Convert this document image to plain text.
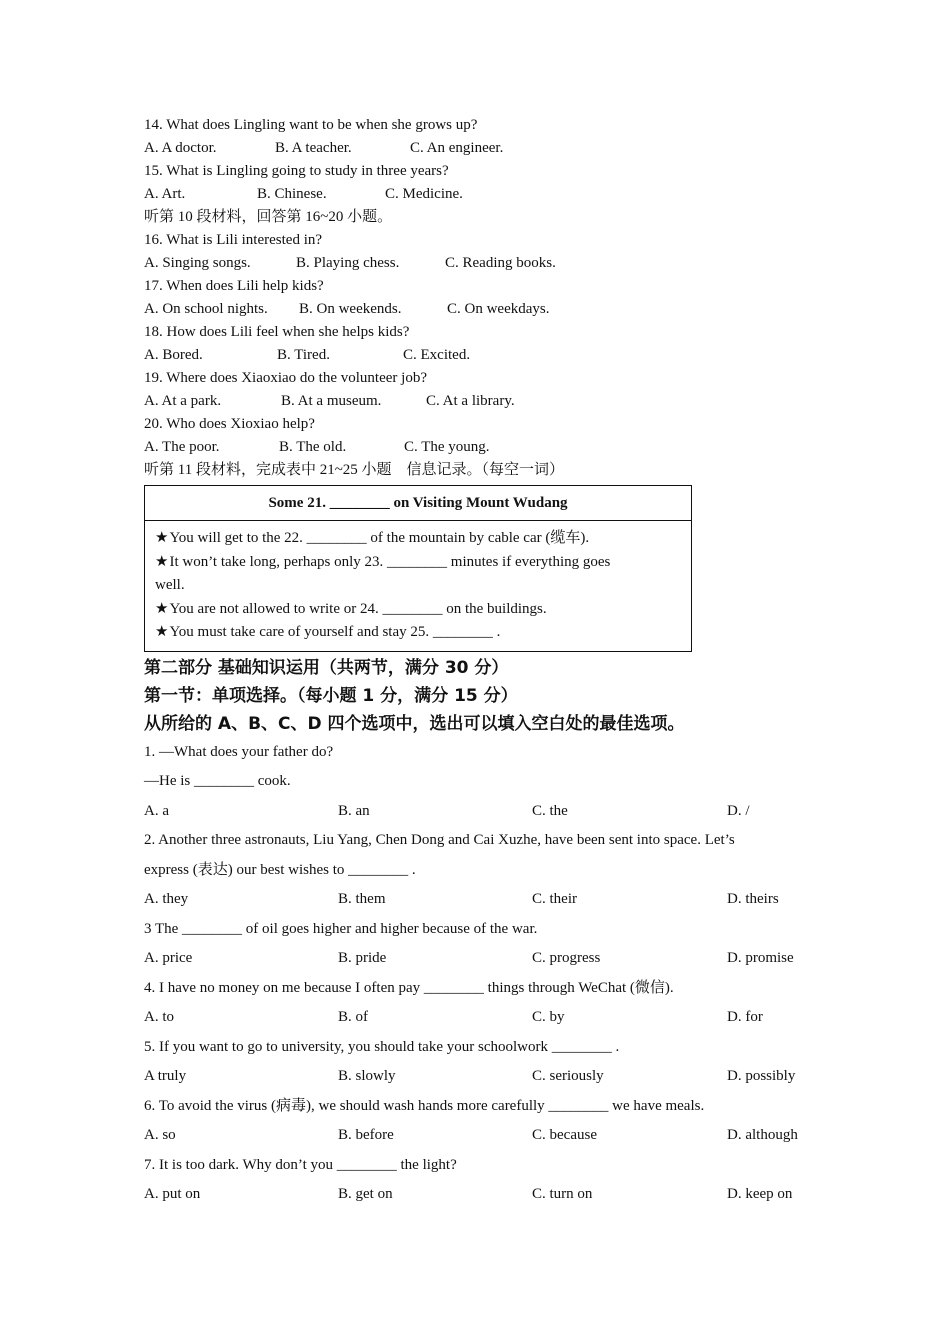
14. What does Lingling want to be when she grows up?
A. A doctor.	B. A teacher.	C. An engineer.
15. What is Lingling going to study in three years?
A. Art.	B. Chinese.	C. Medicine.
听第 10 段材料，回答第 16~20 小题。
16. What is Lili interested in?
A. Singing songs.	B. Playing chess.	C. Reading books.
17. When does Lili help kids?
A. On school nights.	B. On weekends.	C. On weekdays.
18. How does Lili feel when she helps kids?
A. Bored.	B. Tired.	C. Excited.
19. Where does Xiaoxiao do the volunteer job?
A. At a park.	B. At a museum.	C. At a library.
20. Who does Xioxiao help?
A. The poor.	B. The old.	C. The young.
听第 11 段材料，完成表中 21~25 小题　信息记录。（每空一词）
Some 21. ________ on Visiting Mount Wudang
★You will get to the 22. ________ of the mountain by cable car (缆车).
★It won’t take long, perhaps only 23. ________ minutes if everything goes
well.
★You are not allowed to write or 24. ________ on the buildings.
★You must take care of yourself and stay 25. ________ .
第二部分 基础知识运用（共两节，满分 30 分）
第一节：单项选择。（每小题 1 分，满分 15 分）
从所给的 A、B、C、D 四个选项中，选出可以填入空白处的最佳选项。
1. —What does your father do?
—He is ________ cook.
A. a	B. an	C. the	D. /
2. Another three astronauts, Liu Yang, Chen Dong and Cai Xuzhe, have been sent into space. Let’s
express (表达) our best wishes to ________ .
A. they	B. them	C. their	D. theirs
3 The ________ of oil goes higher and higher because of the war.
A. price	B. pride	C. progress	D. promise
4. I have no money on me because I often pay ________ things through WeChat (微信).
A. to	B. of	C. by	D. for
5. If you want to go to university, you should take your schoolwork ________ .
A truly	B. slowly	C. seriously	D. possibly
6. To avoid the virus (病毒), we should wash hands more carefully ________ we have meals.
A. so	B. before	C. because	D. although
7. It is too dark. Why don’t you ________ the light?
A. put on	B. get on	C. turn on	D. keep on
